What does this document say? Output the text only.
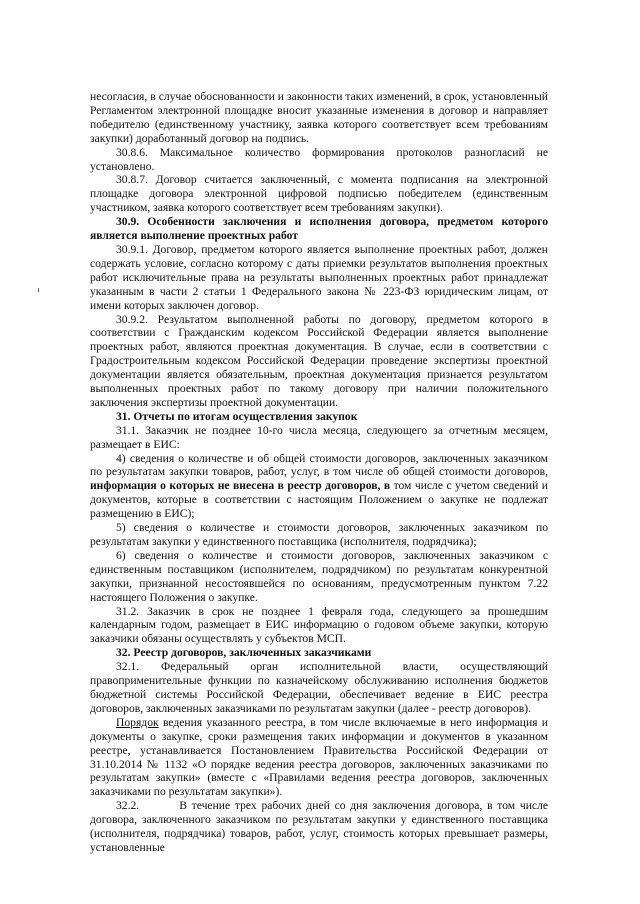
несогласия, в случае обоснованности и законности таких изменений, в срок, установленный Регламентом электронной площадке вносит указанные изменения в договор и направляет победителю (единственному участнику, заявка которого соответствует всем требованиям закупки) доработанный договор на подпись.

30.8.6. Максимальное количество формирования протоколов разногласий не установлено.

30.8.7. Договор считается заключенный, с момента подписания на электронной площадке договора электронной цифровой подписью победителем (единственным участником, заявка которого соответствует всем требованиям закупки).

30.9. Особенности заключения и исполнения договора, предметом которого является выполнение проектных работ

30.9.1. Договор, предметом которого является выполнение проектных работ, должен содержать условие, согласно которому с даты приемки результатов выполнения проектных работ исключительные права на результаты выполненных проектных работ принадлежат указанным в части 2 статьи 1 Федерального закона № 223-ФЗ юридическим лицам, от имени которых заключен договор.

30.9.2. Результатом выполненной работы по договору, предметом которого в соответствии с Гражданским кодексом Российской Федерации является выполнение проектных работ, являются проектная документация. В случае, если в соответствии с Градостроительным кодексом Российской Федерации проведение экспертизы проектной документации является обязательным, проектная документация признается результатом выполненных проектных работ по такому договору при наличии положительного заключения экспертизы проектной документации.

31. Отчеты по итогам осуществления закупок

31.1. Заказчик не позднее 10-го числа месяца, следующего за отчетным месяцем, размещает в ЕИС:

4) сведения о количестве и об общей стоимости договоров, заключенных заказчиком по результатам закупки товаров, работ, услуг, в том числе об общей стоимости договоров, информация о которых не внесена в реестр договоров, в том числе с учетом сведений и документов, которые в соответствии с настоящим Положением о закупке не подлежат размещению в ЕИС);

5) сведения о количестве и стоимости договоров, заключенных заказчиком по результатам закупки у единственного поставщика (исполнителя, подрядчика);

6) сведения о количестве и стоимости договоров, заключенных заказчиком с единственным поставщиком (исполнителем, подрядчиком) по результатам конкурентной закупки, признанной несостоявшейся по основаниям, предусмотренным пунктом 7.22 настоящего Положения о закупке.

31.2. Заказчик в срок не позднее 1 февраля года, следующего за прошедшим календарным годом, размещает в ЕИС информацию о годовом объеме закупки, которую заказчики обязаны осуществлять у субъектов МСП.

32. Реестр договоров, заключенных заказчиками

32.1. Федеральный орган исполнительной власти, осуществляющий правоприменительные функции по казначейскому обслуживанию исполнения бюджетов бюджетной системы Российской Федерации, обеспечивает ведение в ЕИС реестра договоров, заключенных заказчиками по результатам закупки (далее - реестр договоров).

Порядок ведения указанного реестра, в том числе включаемые в него информация и документы о закупке, сроки размещения таких информации и документов в указанном реестре, устанавливается Постановлением Правительства Российской Федерации от 31.10.2014 № 1132 «О порядке ведения реестра договоров, заключенных заказчиками по результатам закупки» (вместе с «Правилами ведения реестра договоров, заключенных заказчиками по результатам закупки»).

32.2.	В течение трех рабочих дней со дня заключения договора, в том числе договора, заключенного заказчиком по результатам закупки у единственного поставщика (исполнителя, подрядчика) товаров, работ, услуг, стоимость которых превышает размеры, установленные
